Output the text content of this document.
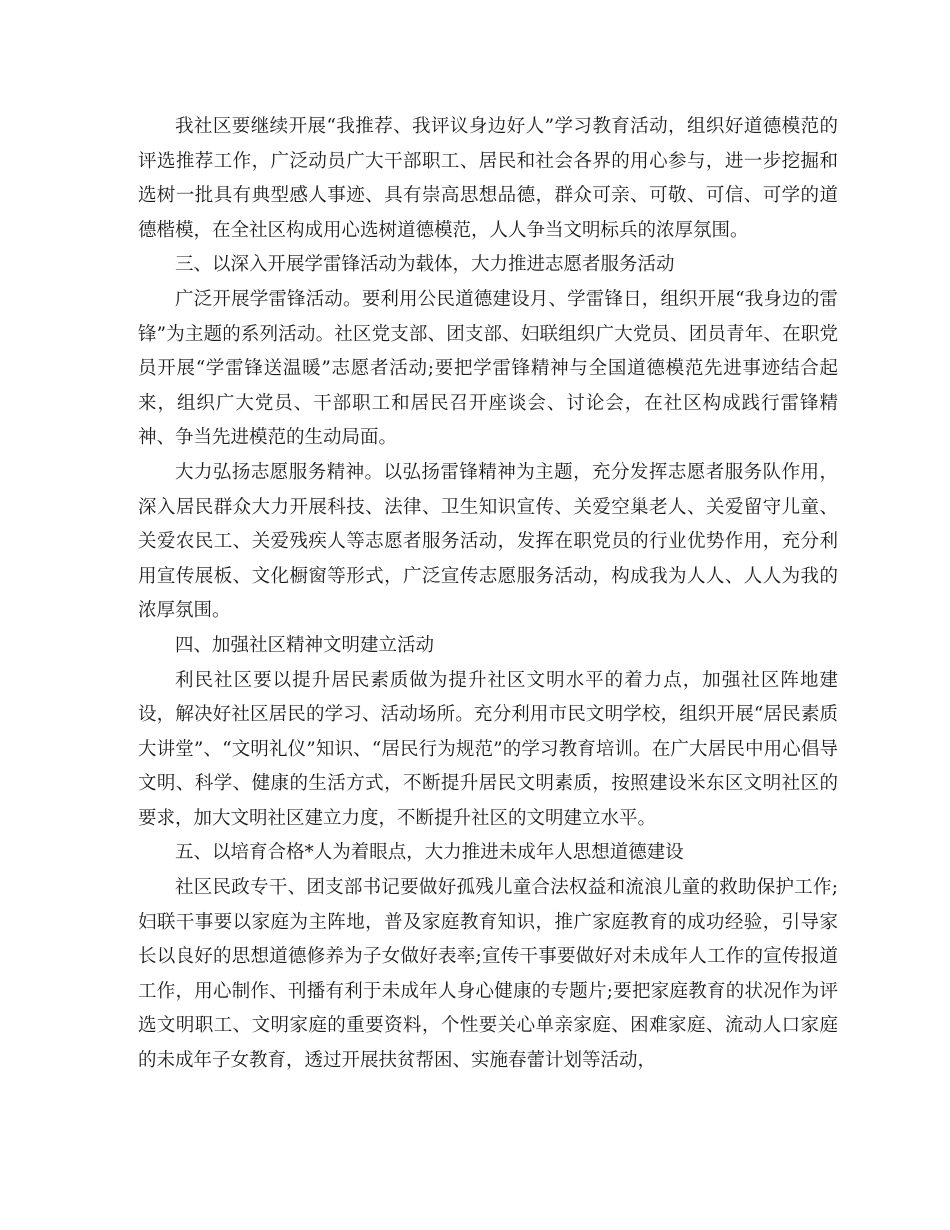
我社区要继续开展“我推荐、我评议身边好人”学习教育活动，组织好道德模范的评选推荐工作，广泛动员广大干部职工、居民和社会各界的用心参与，进一步挖掘和选树一批具有典型感人事迹、具有崇高思想品德，群众可亲、可敬、可信、可学的道德楷模，在全社区构成用心选树道德模范，人人争当文明标兵的浓厚氛围。

三、以深入开展学雷锋活动为载体，大力推进志愿者服务活动

广泛开展学雷锋活动。要利用公民道德建设月、学雷锋日，组织开展“我身边的雷锋”为主题的系列活动。社区党支部、团支部、妇联组织广大党员、团员青年、在职党员开展“学雷锋送温暖”志愿者活动;要把学雷锋精神与全国道德模范先进事迹结合起来，组织广大党员、干部职工和居民召开座谈会、讨论会，在社区构成践行雷锋精神、争当先进模范的生动局面。

大力弘扬志愿服务精神。以弘扬雷锋精神为主题，充分发挥志愿者服务队作用，深入居民群众大力开展科技、法律、卫生知识宣传、关爱空巢老人、关爱留守儿童、关爱农民工、关爱残疾人等志愿者服务活动，发挥在职党员的行业优势作用，充分利用宣传展板、文化橱窗等形式，广泛宣传志愿服务活动，构成我为人人、人人为我的浓厚氛围。

四、加强社区精神文明建立活动

利民社区要以提升居民素质做为提升社区文明水平的着力点，加强社区阵地建设，解决好社区居民的学习、活动场所。充分利用市民文明学校，组织开展“居民素质大讲堂”、“文明礼仪”知识、“居民行为规范”的学习教育培训。在广大居民中用心倡导文明、科学、健康的生活方式，不断提升居民文明素质，按照建设米东区文明社区的要求，加大文明社区建立力度，不断提升社区的文明建立水平。

五、以培育合格*人为着眼点，大力推进未成年人思想道德建设

社区民政专干、团支部书记要做好孤残儿童合法权益和流浪儿童的救助保护工作;妇联干事要以家庭为主阵地，普及家庭教育知识，推广家庭教育的成功经验，引导家长以良好的思想道德修养为子女做好表率;宣传干事要做好对未成年人工作的宣传报道工作，用心制作、刊播有利于未成年人身心健康的专题片;要把家庭教育的状况作为评选文明职工、文明家庭的重要资料，个性要关心单亲家庭、困难家庭、流动人口家庭的未成年子女教育，透过开展扶贫帮困、实施春蕾计划等活动，
